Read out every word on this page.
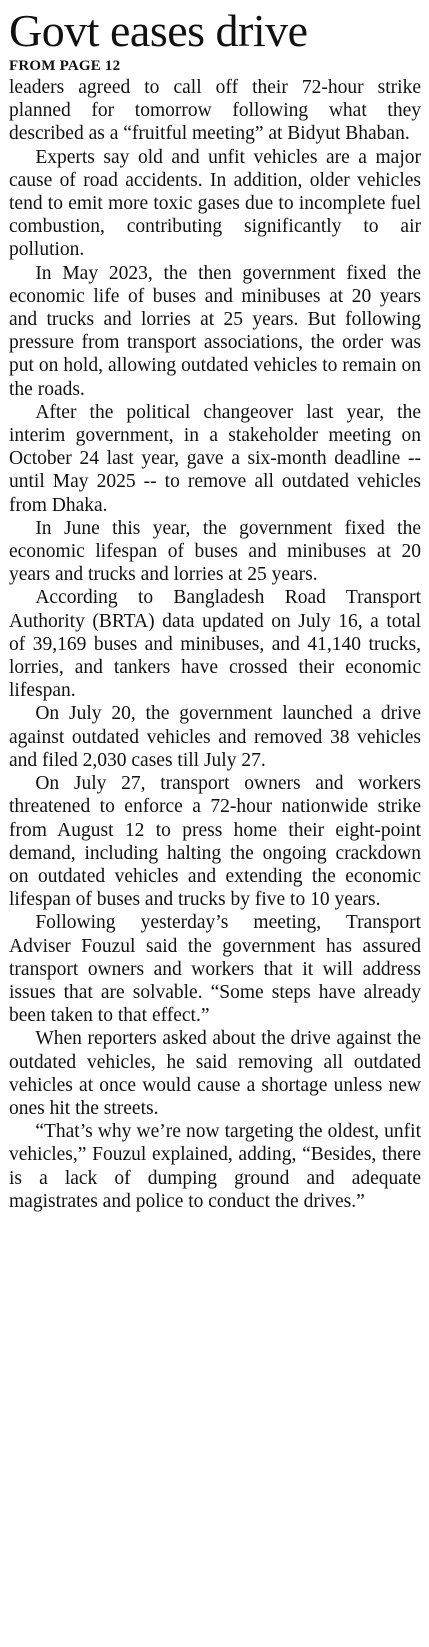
Govt eases drive
FROM PAGE 12

leaders agreed to call off their 72-hour strike planned for tomorrow following what they described as a “fruitful meeting” at Bidyut Bhaban.

Experts say old and unfit vehicles are a major cause of road accidents. In addition, older vehicles tend to emit more toxic gases due to incomplete fuel combustion, contributing significantly to air pollution.

In May 2023, the then government fixed the economic life of buses and minibuses at 20 years and trucks and lorries at 25 years. But following pressure from transport associations, the order was put on hold, allowing outdated vehicles to remain on the roads.

After the political changeover last year, the interim government, in a stakeholder meeting on October 24 last year, gave a six-month deadline -- until May 2025 -- to remove all outdated vehicles from Dhaka.

In June this year, the government fixed the economic lifespan of buses and minibuses at 20 years and trucks and lorries at 25 years.

According to Bangladesh Road Transport Authority (BRTA) data updated on July 16, a total of 39,169 buses and minibuses, and 41,140 trucks, lorries, and tankers have crossed their economic lifespan.

On July 20, the government launched a drive against outdated vehicles and removed 38 vehicles and filed 2,030 cases till July 27.

On July 27, transport owners and workers threatened to enforce a 72-hour nationwide strike from August 12 to press home their eight-point demand, including halting the ongoing crackdown on outdated vehicles and extending the economic lifespan of buses and trucks by five to 10 years.

Following yesterday’s meeting, Transport Adviser Fouzul said the government has assured transport owners and workers that it will address issues that are solvable. “Some steps have already been taken to that effect.”

When reporters asked about the drive against the outdated vehicles, he said removing all outdated vehicles at once would cause a shortage unless new ones hit the streets.

“That’s why we’re now targeting the oldest, unfit vehicles,” Fouzul explained, adding, “Besides, there is a lack of dumping ground and adequate magistrates and police to conduct the drives.”
